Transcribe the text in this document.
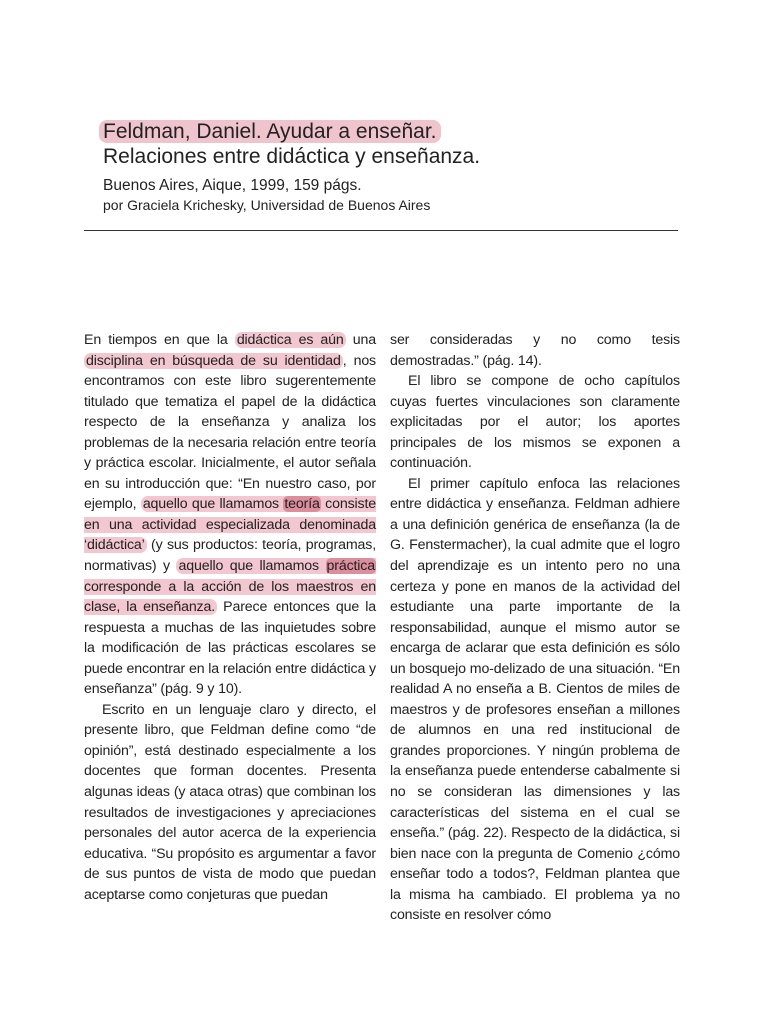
Feldman, Daniel. Ayudar a enseñar.
Relaciones entre didáctica y enseñanza.
Buenos Aires, Aique, 1999, 159 págs.
por Graciela Krichesky, Universidad de Buenos Aires

En tiempos en que la didáctica es aún una disciplina en búsqueda de su identidad , nos encontramos con este libro sugerentemente titulado que tematiza el papel de la didáctica respecto de la enseñanza y analiza los problemas de la necesaria relación entre teoría y práctica escolar. Inicialmente, el autor señala en su introducción que: “En nuestro caso, por ejemplo, aquello que llamamos teoría consiste en una actividad especializada denominada ‘didáctica’ (y sus productos: teoría, programas, normativas) y aquello que llamamos práctica corresponde a la acción de los maestros en clase, la enseñanza. Parece entonces que la respuesta a muchas de las inquietudes sobre la modificación de las prácticas escolares se puede encontrar en la relación entre didáctica y enseñanza” (pág. 9 y 10).

Escrito en un lenguaje claro y directo, el presente libro, que Feldman define como “de opinión”, está destinado especialmente a los docentes que forman docentes. Presenta algunas ideas (y ataca otras) que combinan los resultados de investigaciones y apreciaciones personales del autor acerca de la experiencia educativa. “Su propósito es argumentar a favor de sus puntos de vista de modo que puedan aceptarse como conjeturas que puedan

ser consideradas y no como tesis demostradas.” (pág. 14).

El libro se compone de ocho capítulos cuyas fuertes vinculaciones son claramente explicitadas por el autor; los aportes principales de los mismos se exponen a continuación.

El primer capítulo enfoca las relaciones entre didáctica y enseñanza. Feldman adhiere a una definición genérica de enseñanza (la de G. Fenstermacher), la cual admite que el logro del aprendizaje es un intento pero no una certeza y pone en manos de la actividad del estudiante una parte importante de la responsabilidad, aunque el mismo autor se encarga de aclarar que esta definición es sólo un bosquejo mo-delizado de una situación. “En realidad A no enseña a B. Cientos de miles de maestros y de profesores enseñan a millones de alumnos en una red institucional de grandes proporciones. Y ningún problema de la enseñanza puede entenderse cabalmente si no se consideran las dimensiones y las características del sistema en el cual se enseña.” (pág. 22). Respecto de la didáctica, si bien nace con la pregunta de Comenio ¿cómo enseñar todo a todos?, Feldman plantea que la misma ha cambiado. El problema ya no consiste en resolver cómo
